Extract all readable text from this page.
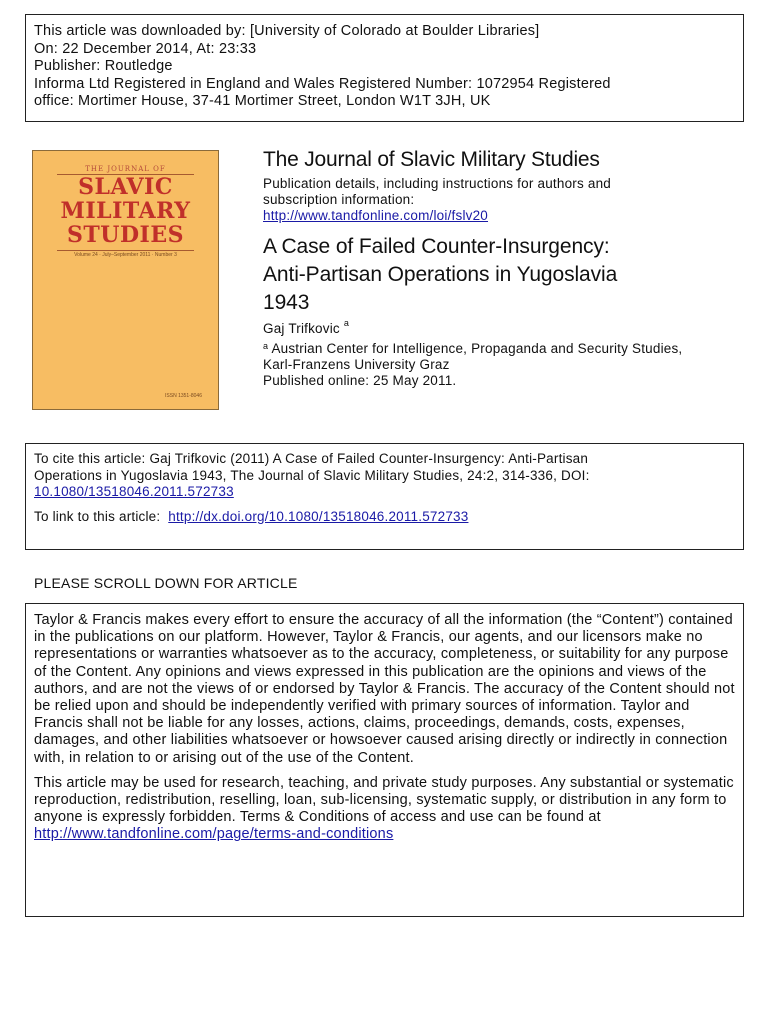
This article was downloaded by: [University of Colorado at Boulder Libraries]
On: 22 December 2014, At: 23:33
Publisher: Routledge
Informa Ltd Registered in England and Wales Registered Number: 1072954 Registered
office: Mortimer House, 37-41 Mortimer Street, London W1T 3JH, UK
THE JOURNAL OF
SLAVIC
MILITARY
STUDIES
Volume 24 · July–September 2011 · Number 3
ISSN 1351-8046
The Journal of Slavic Military Studies
Publication details, including instructions for authors and
subscription information:
http://www.tandfonline.com/loi/fslv20
A Case of Failed Counter-Insurgency:
Anti-Partisan Operations in Yugoslavia
1943
Gaj Trifkovic $^a$
$^a$ Austrian Center for Intelligence, Propaganda and Security Studies,
Karl-Franzens University Graz
Published online: 25 May 2011.
To cite this article: Gaj Trifkovic (2011) A Case of Failed Counter-Insurgency: Anti-Partisan
Operations in Yugoslavia 1943, The Journal of Slavic Military Studies, 24:2, 314-336, DOI:
10.1080/13518046.2011.572733
To link to this article: http://dx.doi.org/10.1080/13518046.2011.572733
PLEASE SCROLL DOWN FOR ARTICLE

Taylor & Francis makes every effort to ensure the accuracy of all the information (the “Content”) contained in the publications on our platform. However, Taylor & Francis, our agents, and our licensors make no representations or warranties whatsoever as to the accuracy, completeness, or suitability for any purpose of the Content. Any opinions and views expressed in this publication are the opinions and views of the authors, and are not the views of or endorsed by Taylor & Francis. The accuracy of the Content should not be relied upon and should be independently verified with primary sources of information. Taylor and Francis shall not be liable for any losses, actions, claims, proceedings, demands, costs, expenses, damages, and other liabilities whatsoever or howsoever caused arising directly or indirectly in connection with, in relation to or arising out of the use of the Content.

This article may be used for research, teaching, and private study purposes. Any substantial or systematic reproduction, redistribution, reselling, loan, sub-licensing, systematic supply, or distribution in any form to anyone is expressly forbidden. Terms & Conditions of access and use can be found at http://www.tandfonline.com/page/terms-and-conditions
